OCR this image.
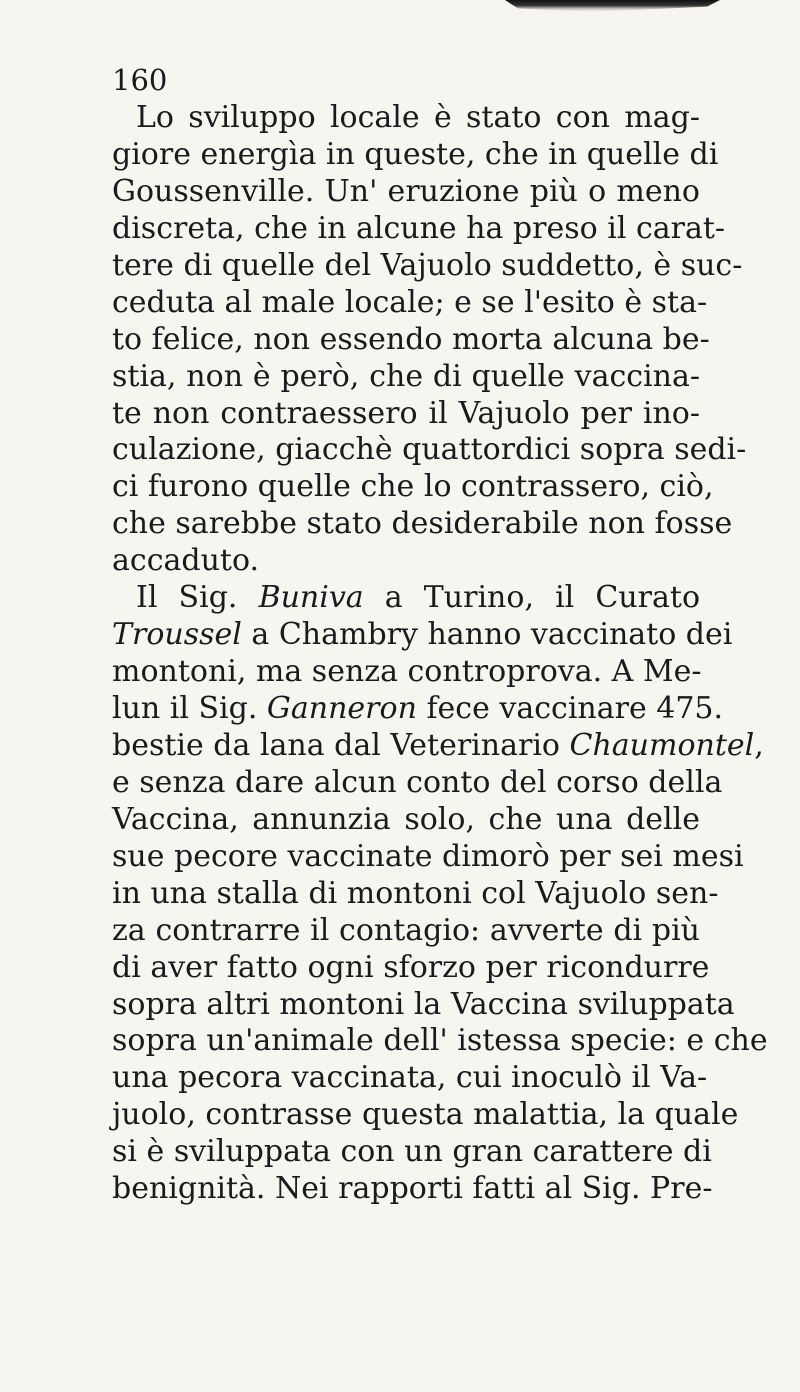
160
Lo sviluppo locale è stato con mag-
giore energìa in queste, che in quelle di
Goussenville. Un' eruzione più o meno
discreta, che in alcune ha preso il carat-
tere di quelle del Vajuolo suddetto, è suc-
ceduta al male locale; e se l'esito è sta-
to felice, non essendo morta alcuna be-
stia, non è però, che di quelle vaccina-
te non contraessero il Vajuolo per ino-
culazione, giacchè quattordici sopra sedi-
ci furono quelle che lo contrassero, ciò,
che sarebbe stato desiderabile non fosse
accaduto.
Il Sig. Buniva a Turino, il Curato
Troussel a Chambry hanno vaccinato dei
montoni, ma senza controprova. A Me-
lun il Sig. Ganneron fece vaccinare 475.
bestie da lana dal Veterinario Chaumontel,
e senza dare alcun conto del corso della
Vaccina, annunzia solo, che una delle
sue pecore vaccinate dimorò per sei mesi
in una stalla di montoni col Vajuolo sen-
za contrarre il contagio: avverte di più
di aver fatto ogni sforzo per ricondurre
sopra altri montoni la Vaccina sviluppata
sopra un'animale dell' istessa specie: e che
una pecora vaccinata, cui inoculò il Va-
juolo, contrasse questa malattia, la quale
si è sviluppata con un gran carattere di
benignità. Nei rapporti fatti al Sig. Pre-
